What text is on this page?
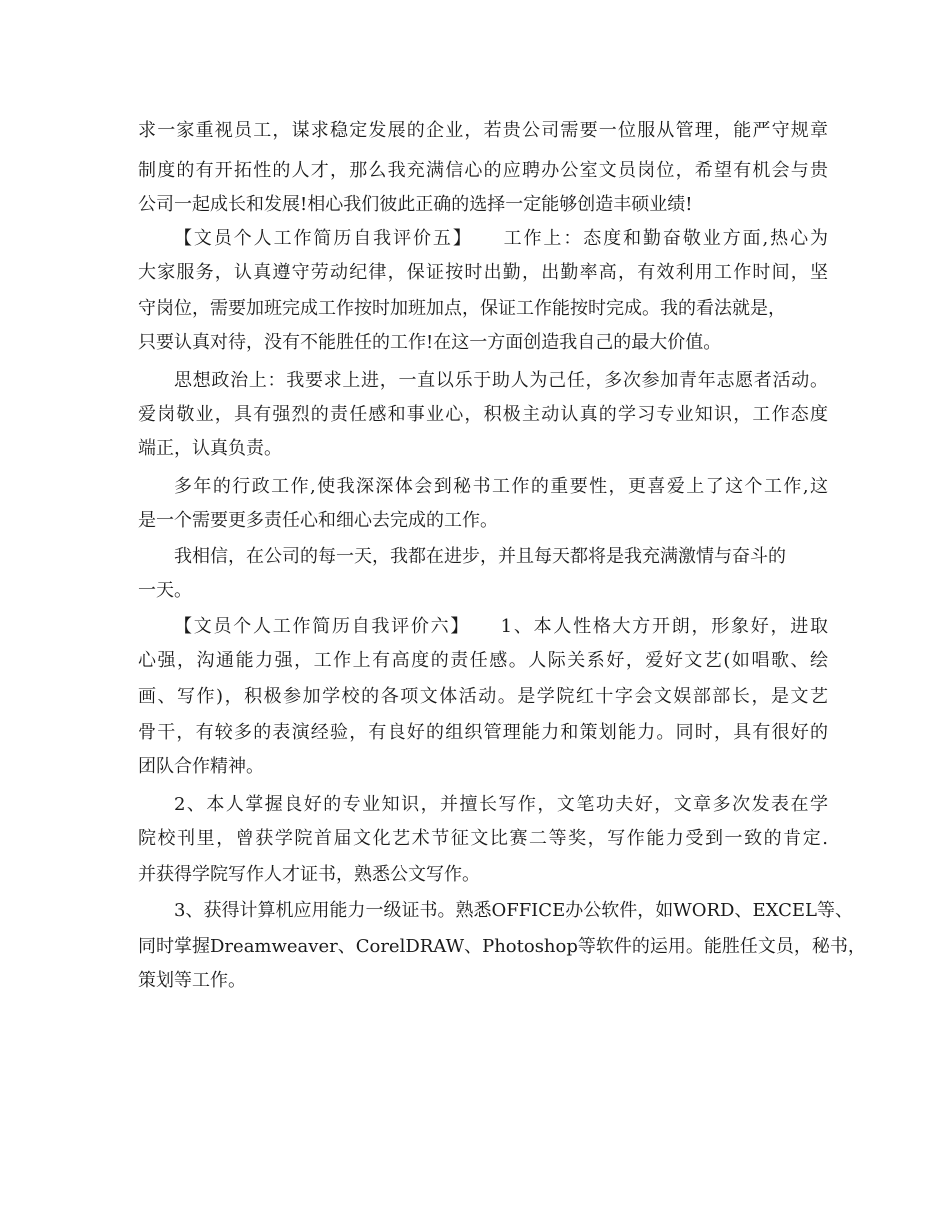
求一家重视员工，谋求稳定发展的企业，若贵公司需要一位服从管理，能严守规章
制度的有开拓性的人才，那么我充满信心的应聘办公室文员岗位，希望有机会与贵
公司一起成长和发展!相心我们彼此正确的选择一定能够创造丰硕业绩!
【文员个人工作简历自我评价五】　　工作上：态度和勤奋敬业方面,热心为
大家服务，认真遵守劳动纪律，保证按时出勤，出勤率高，有效利用工作时间，坚
守岗位，需要加班完成工作按时加班加点，保证工作能按时完成。我的看法就是，
只要认真对待，没有不能胜任的工作!在这一方面创造我自己的最大价值。
思想政治上：我要求上进，一直以乐于助人为己任，多次参加青年志愿者活动。
爱岗敬业，具有强烈的责任感和事业心，积极主动认真的学习专业知识，工作态度
端正，认真负责。
多年的行政工作,使我深深体会到秘书工作的重要性，更喜爱上了这个工作,这
是一个需要更多责任心和细心去完成的工作。
我相信，在公司的每一天，我都在进步，并且每天都将是我充满激情与奋斗的
一天。
【文员个人工作简历自我评价六】　　1、本人性格大方开朗，形象好，进取
心强，沟通能力强，工作上有高度的责任感。人际关系好，爱好文艺(如唱歌、绘
画、写作)，积极参加学校的各项文体活动。是学院红十字会文娱部部长，是文艺
骨干，有较多的表演经验，有良好的组织管理能力和策划能力。同时，具有很好的
团队合作精神。
2、本人掌握良好的专业知识，并擅长写作，文笔功夫好，文章多次发表在学
院校刊里，曾获学院首届文化艺术节征文比赛二等奖，写作能力受到一致的肯定.
并获得学院写作人才证书，熟悉公文写作。
3、获得计算机应用能力一级证书。熟悉OFFICE办公软件，如WORD、EXCEL等、
同时掌握Dreamweaver、CorelDRAW、Photoshop等软件的运用。能胜任文员，秘书，
策划等工作。
